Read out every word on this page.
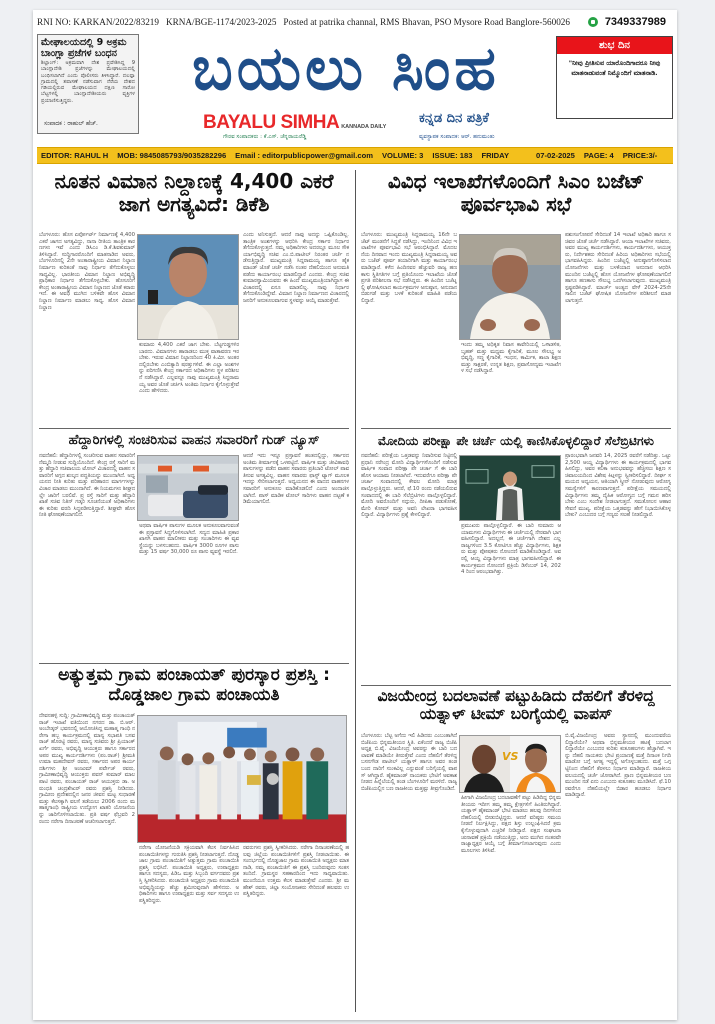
RNI NO: KARKAN/2022/83219 KRNA/BGE-1174/2023-2025 Posted at patrika channal, RMS Bhavan, PSO Mysore Road Banglore-560026	7349337989
ಮೇಘಾಲಯದಲ್ಲಿ 9 ಅಕ್ರಮ ಬಾಂಗ್ಲಾ ಪ್ರಜೆಗಳ ಬಂಧನ

ಶಿಲ್ಲಾಂಗ್: ಅಕ್ರಮವಾಗಿ ದೇಶ ಪ್ರವೇಶಿಸಿದ್ದ 9 ಬಾಂಗ್ಲಾದೇಶಿ ಪ್ರಜೆಗಳನ್ನು ಮೇಘಾಲಯದಲ್ಲಿ ಬಂಧಿಸಲಾಗಿದೆ ಎಂದು ಪೊಲೀಸರು ತಿಳಿಸಿದ್ದಾರೆ. ದಲಪ್ಪಾ ಗ್ರಾಮದಲ್ಲಿ ತಪಾಸಣೆ ನಡೆಸುವಾಗ ನೆರೆಯ ದೇಶದ ಗಡಿಯಲ್ಲಿರುವ ಮೇಘಾಲಯದ ದಕ್ಷಿಣ ಗಾರೋ ಬೆಟ್ಟಗಳಲ್ಲಿ ಬಾಂಗ್ಲಾದೇಶೀಯರು ವ್ಯಕ್ತಿಗಳ ಪ್ರಯಾಣಿಸುತ್ತಿದ್ದರು.	ಬಯಲು ಸಿಂಹ
ಸಂಪಾದಕ : ರಾಹುಲ್ ಹೆಚ್.	BAYALU SIMHA KANNADA DAILY
ಕನ್ನಡ ದಿನ ಪತ್ರಿಕೆ
ಗೌರವ ಸಂಪಾದಕರು : ಕೆ.ಎಸ್. ಚೆನ್ನರಾಯರೆಡ್ಡಿ	ವ್ಯವಸ್ಥಾಪಕ ಸಂಪಾದಕ: ಆರ್. ಹನುಮಂತು
ಶುಭ ದಿನ
"ನೀವು ಪ್ರೀತಿಸುವ ಯಾರೊಂದಿಗಾದರೂ ನೀವು ಮಾತನಾಡುವಂತೆ ನಿಮ್ಮೊಂದಿಗೆ ಮಾತನಾಡಿ.
EDITOR: RAHUL H MOB: 9845085793/9035282296 Email : editorpublicpower@gmail.com VOLUME: 3 ISSUE: 183 FRIDAY	07-02-2025 PAGE: 4 PRICE:3/-
ನೂತನ ವಿಮಾನ ನಿಲ್ದಾಣಕ್ಕೆ 4,400 ಎಕರೆ ಜಾಗ ಅಗತ್ಯವಿದೆ: ಡಿಕೆಶಿ
ಬೆಂಗಳೂರು: ಹೊಸ ಏರ್ಪೋರ್ಟ್ ನಿರ್ಮಾಣಕ್ಕೆ 4,400 ಎಕರೆ ಜಾಗದ ಅಗತ್ಯವಿದ್ದು, ನಾನಾ ರೀತಿಯ ತಾಂತ್ರಿಕ ಕಾರಣಗಳು ಇವೆ ಎಂದು ಡಿಸಿಎಂ ಡಿ.ಕೆ.ಶಿವಕುಮಾರ್ ತಿಳಿಸಿದ್ದಾರೆ. ಸುದ್ದಿಗಾರರೊಂದಿಗೆ ಮಾತನಾಡಿದ ಅವರು, ಬೆಂಗಳೂರಿನಲ್ಲಿ 2ನೇ ಅಂತಾರಾಷ್ಟ್ರೀಯ ವಿಮಾನ ನಿಲ್ದಾಣ ನಿರ್ಮಾಣ ಕುರಿತಂತೆ ನಾವು ನಿರ್ಧಾರ ತೆಗೆದುಕೊಳ್ಳಲು ಸಾಧ್ಯವಿಲ್ಲ. ಭಾರತೀಯ ವಿಮಾನ ನಿಲ್ದಾಣ ಅಭಿವೃದ್ಧಿ ಪ್ರಾಧಿಕಾರ ನಿರ್ಧಾರ ತೆಗೆದುಕೊಳ್ಳಬೇಕು. ಹೊಸೂರಿಗೆ ಕೇಂದ್ರ ಅಂತಾರಾಷ್ಟ್ರೀಯ ವಿಮಾನ ನಿಲ್ದಾಣದ ಜೊತೆ ಕರಾರು ಇದೆ. ಈ ಅವಧಿ ಮುಗಿದ ಬಳಿಕವೇ ಹೊಸ ವಿಮಾನ ನಿಲ್ದಾಣ ನಿರ್ಮಾಣ ಮಾಡಲು ಸಾಧ್ಯ. ಹೊಸ ವಿಮಾನ ನಿಲ್ದಾಣ
ಕುಮಾರು 4,400 ಎಕರೆ ಜಾಗ ಬೇಕು. ಬೆಟ್ಟಗುಡ್ಡಗಳಿರಬಾರದು. ವಿಮಾನಗಳು ಹಾರಾಡಲು ಮುಕ್ತ ವಾತಾವರಣ ಇರಬೇಕು. ಇರುವ ವಿಮಾನ ನಿಲ್ದಾಣದಿಂದ 40 ಕಿ.ಮೀ. ಅಂತರದಲ್ಲಿರಬೇಕು ಎಂಬಿತ್ಯಾದಿ ಷರತ್ತುಗಳಿವೆ. ಈ ಎಲ್ಲಾ ಅಂಶಗಳನ್ನು ಪರಿಗಣಿಸಿ ಕೇಂದ್ರ ಸರ್ಕಾರದ ಅಧಿಕಾರಿಗಳು ಸ್ಥಳ ಪರಿಶೀಲನೆ ನಡೆಸಿದ್ದಾರೆ. ಎಲ್ಲವನ್ನೂ ನಾವು ಮುಖ್ಯಮಂತ್ರಿ ಸಿದ್ದರಾಮಯ್ಯ ಅವರ ಜೊತೆ ಚರ್ಚಿಸಿ ಅಂತಿಮ ನಿರ್ಧಾರ ಕೈಗೊಳ್ಳುತ್ತೇವೆ ಎಂದು ಹೇಳಿದರು.
ಎಂದು ಅನಿಸುತ್ತದೆ. ಆದರೆ ನಾವು ಅದನ್ನು ಒಪ್ಪಿಕೊಂಡಿಲ್ಲ. ತಾಂತ್ರಿಕ ಅಂಶಗಳನ್ನು ಆಧರಿಸಿ ಕೇಂದ್ರ ಸರ್ಕಾರ ನಿರ್ಧಾರ ತೆಗೆದುಕೊಳ್ಳುತ್ತದೆ. ನಮ್ಮ ಅಧಿಕಾರಿಗಳು ಅದರಲ್ಲೂ ಮೂಲ ಸೌಕರ್ಯಾಭಿವೃದ್ಧಿ ಸಚಿವ ಎಂ.ಬಿ.ಪಾಟೀಲ್ ನಿರಂತರ ಚರ್ಚೆ ನಡೆಸುತ್ತಿದ್ದಾರೆ. ಮುಖ್ಯಮಂತ್ರಿ ಸಿದ್ದರಾಮಯ್ಯ ಹಾಗೂ ಹೈಕಮಾಂಡ್ ಜೊತೆ ಚರ್ಚೆ ನಡೆಸಿ ನಂತರ ದೆಹಲಿಯಿಂದ ಅನುಮತಿ ಪಡೆದು ಕಾರ್ಯಾರಂಭ ಮಾಡಲಿದ್ದಾರೆ ಎಂದರು. ಕೇಂದ್ರ ಸಚಿವ ಕುಮಾರಸ್ವಾಮಿಯವರು ಈ ಹಿಂದೆ ಮುಖ್ಯಮಂತ್ರಿಯಾಗಿದ್ದಾಗ ಈ ವಿಚಾರದಲ್ಲಿ ಏನೂ ಮಾಡಲಿಲ್ಲ. ನಾವು ನಿರ್ಧಾರ ತೆಗೆದುಕೊಂಡಿದ್ದೇವೆ. ವಿಮಾನ ನಿಲ್ದಾಣ ನಿರ್ಮಾಣದ ವಿಚಾರದಲ್ಲಿ ಜನರಿಗೆ ಅನುಕೂಲವಾಗುವ ಸ್ಥಳವನ್ನು ಆಯ್ಕೆ ಮಾಡುತ್ತೇವೆ.
ವಿವಿಧ ಇಲಾಖೆಗಳೊಂದಿಗೆ ಸಿಎಂ ಬಜೆಟ್ ಪೂರ್ವಭಾವಿ ಸಭೆ
ಬೆಂಗಳೂರು: ಮುಖ್ಯಮಂತ್ರಿ ಸಿದ್ದರಾಮಯ್ಯ 16ನೇ ಬಜೆಟ್ ಮಂಡನೆಗೆ ಸಿದ್ಧತೆ ನಡೆಸಿದ್ದು, ಇಂದಿನಿಂದ ವಿವಿಧ ಇಲಾಖೆಗಳ ಪೂರ್ವಭಾವಿ ಸಭೆ ಆರಂಭಿಸಿದ್ದಾರೆ. ಮೊದಲನೆಯ ದಿನವಾದ ಇಂದು ಮುಖ್ಯಮಂತ್ರಿ ಸಿದ್ದರಾಮಯ್ಯ ಅವರು ಬಜೆಟ್ ಪೂರ್ವ ತಯಾರಿಗಾಗಿ ಮತ್ತು ಕಾರ್ಯಾರಂಭ ಮಾಡಿದ್ದಾರೆ. ಕಳೆದ ಹಿಂದಿನವರ ಹೆಚ್ಚುವರಿ ರಾಜ್ಯ ಹಣಕಾಸು ಸ್ಥಿತಿಗತಿಗಳ ಬಗ್ಗೆ ಪ್ರತಿಯೊಂದು ಇಲಾಖೆಯ ಜೊತೆ ಪ್ರಗತಿ ಪರಿಶೀಲನಾ ಸಭೆ ನಡೆಸಿದ್ದರು. ಈ ಹಿಂದಿನ ಬಜೆಟ್ನಲ್ಲಿ ಘೋಷಿಸಲಾದ ಕಾರ್ಯಕ್ರಮಗಳ ಅನುಷ್ಠಾನ, ಅನುದಾನ ಬಿಡುಗಡೆ ಮತ್ತು ಬಳಕೆ ಕುರಿತಂತೆ ಮಾಹಿತಿ ಪಡೆಯಲಿದ್ದಾರೆ.
ಇಂದು ತಮ್ಮ ಅಧಿಕೃತ ನಿವಾಸ ಕಾವೇರಿಯಲ್ಲಿ ಒಳಾಡಳಿತ, ಬೃಹತ್ ಮತ್ತು ಮಧ್ಯಮ ಕೈಗಾರಿಕೆ, ಮೂಲ ಸೌಲಭ್ಯ ಅಭಿವೃದ್ಧಿ, ಸಣ್ಣ ಕೈಗಾರಿಕೆ, ಇಂಧನ, ಕಾರ್ಮಿಕ, ಶಾಲಾ ಶಿಕ್ಷಣ ಮತ್ತು ಸಾಕ್ಷರತೆ, ಉನ್ನತ ಶಿಕ್ಷಣ, ಪ್ರವಾಸೋದ್ಯಮ ಇಲಾಖೆಗಳ ಸಭೆ ನಡೆಸಿದ್ದಾರೆ.
ಪಶುಸಂಗೋಪನೆ ಸೇರಿದಂತೆ 14 ಇಲಾಖೆ ಅಧಿಕಾರಿ ಹಾಗೂ ಸಚಿವರ ಜೊತೆ ಚರ್ಚೆ ನಡೆಸಿದ್ದಾರೆ. ಆಯಾ ಇಲಾಖೆಗಳ ಸಚಿವರು, ಅವರ ಮುಖ್ಯ ಕಾರ್ಯದರ್ಶಿಗಳು, ಕಾರ್ಯದರ್ಶಿಗಳು, ಆಯುಕ್ತರು, ನಿರ್ದೇಶಕರು ಸೇರಿದಂತೆ ಹಿರಿಯ ಅಧಿಕಾರಿಗಳು ಸಭೆಯಲ್ಲಿ ಭಾಗವಹಿಸಿದ್ದರು. ಹಿಂದಿನ ಬಜೆಟ್ನಲ್ಲಿ ಅನುಷ್ಠಾನಗೊಳಿಸಲಾದ ಯೋಜನೆಗಳು ಮತ್ತು ಬಳಕೆಯಾದ ಅನುದಾನ ಆಧರಿಸಿ ಮುಂದಿನ ಬಜೆಟ್ನಲ್ಲಿ ಹೊಸ ಯೋಜನೆಗಳ ಘೋಷಣೆಯಾಗಲಿದೆ ಹಾಗೂ ಹಣಕಾಸು ಸೌಲಭ್ಯ ಒದಗಿಸಲಾಗುವುದು. ಮುಖ್ಯಮಂತ್ರಿ ಸ್ಪಷ್ಟಪಡಿಸಿದ್ದಾರೆ. ಮಾರ್ಚ್ ಅಂತ್ಯದ ವೇಳೆ 2024-25ನೇ ಸಾಲಿನ ಬಜೆಟ್ ಘೋಷಿತ ಯೋಜನೆಗಳ ಪರಿಶೀಲನೆ ಮಾಡಲಾಗುತ್ತದೆ.
ಹೆದ್ದಾರಿಗಳಲ್ಲಿ ಸಂಚರಿಸುವ ವಾಹನ ಸವಾರರಿಗೆ ಗುಡ್ ನ್ಯೂಸ್
ನವದೆಹಲಿ: ಹೆದ್ದಾರಿಗಳಲ್ಲಿ ಸಂಚರಿಸುವ ವಾಹನ ಸವಾರರಿಗೆ ನೆಮ್ಮದಿ ನೀಡುವ ಸುದ್ದಿಯೊಂದಿದೆ. ಕೇಂದ್ರ ರಸ್ತೆ ಸಾರಿಗೆ ಮತ್ತು ಹೆದ್ದಾರಿ ಸಚಿವಾಲಯ ಟೋಲ್ ವಿಚಾರದಲ್ಲಿ ವಾಹನ ಸವಾರರಿಗೆ ಅಗ್ಗದ ಶುಲ್ಕದ ಪದ್ಧತಿಯನ್ನು ಮುಂದಾಗಿದೆ. ಅಧ್ಯಯನದ ನೀತಿ ಕುರಿತು ಮತ್ತು ಪರಿಹಾರದ ಮಾರ್ಗಗಳನ್ನು ವಿಚಾರ ಮಾಡಲು ಮುಂದಾಗಿದೆ. ಈ ನಿಯಮಗಳು ಶೀಘ್ರದಲ್ಲೇ ಜಾರಿಗೆ ಬರಲಿವೆ. ಪ್ರ ರಸ್ತೆ ಸಾರಿಗೆ ಮತ್ತು ಹೆದ್ದಾರಿ ಖಾತೆ ಸಚಿವ ನಿತಿನ್ ಗಡ್ಕರಿ ಸೂಚನೆಯಂತೆ ಅಧಿಕಾರಿಗಳು ಈ ಕುರಿತು ವರದಿ ಸಿದ್ಧಪಡಿಸುತ್ತಿದ್ದಾರೆ. ಶೀಘ್ರವೇ ಹೊಸ ನೀತಿ ಘೋಷಣೆಯಾಗಲಿದೆ.
ಅಥವಾ ವಾರ್ಷಿಕ ಪಾಸುಗಳ ಮೂಲಕ ಅನುಕೂಲವಾಗುವಂತೆ ಈ ಪ್ರಸ್ತಾವನೆ ಸಿದ್ಧಗೊಳಿಸಲಾಗಿದೆ. ಸದ್ಯದ ಮಾಹಿತಿ ಪ್ರಕಾರ ಖಾಸಗಿ ವಾಹನ ಮಾಲೀಕರು ಮತ್ತು ಸಂಚಾರಿಗಳು ಈ ವ್ಯವಸ್ಥೆಯನ್ನು ಬಳಸಬಹುದು. ವಾರ್ಷಿಕ 3000 ರೂಗಳ ಪಾಸು ಮತ್ತು 15 ವರ್ಷ 30,000 ರೂ ಪಾಸು ವ್ಯವಸ್ಥೆ ಇರಲಿದೆ.
ಆದರೆ ಇದು ಇನ್ನೂ ಪ್ರಸ್ತಾವನೆ ಹಂತದಲ್ಲಿದ್ದು, ಸರ್ಕಾರದ ಅಂತಿಮ ತೀರ್ಮಾನಕ್ಕೆ ಒಳಪಟ್ಟಿದೆ. ವಾರ್ಷಿಕ ಮತ್ತು ಜೀವಿತಾವಧಿ ಪಾಸುಗಳನ್ನು ಪಡೆದ ವಾಹನ ಸವಾರರು ಪ್ರತಿಬಾರಿ ಟೋಲ್ ಪಾವತಿಸುವ ಅಗತ್ಯವಿಲ್ಲ. ವಾಹನ ಸವಾರರು ಫಾಸ್ಟ್ ಟ್ಯಾಗ್ ಮೂಲಕ ಇದನ್ನು ಸೇರಿಸಲಾಗುತ್ತದೆ. ಅಧ್ಯಯನದ ಈ ವಾದದ ವಾಹನಗಳ ಸವಾರರಿಗೆ ಅನುಕೂಲ ಮಾಡಿಕೊಡಲಿದೆ ಎಂದು ಅಂದಾಜಿಸಲಾಗಿದೆ. ಪಾಸ್ ಮಾಡಿಕ ಟೋಲ್ ಸಾರಿಗಳು ವಾಹನ ದಟ್ಟಣೆ ಕಡಿಮೆಯಾಗಲಿದೆ.
ಮೋದಿಯ ಪರೀಕ್ಷಾ ಪೇ ಚರ್ಚೆ ಯಲ್ಲಿ ಕಾಣಿಸಿಕೊಳ್ಳಲಿದ್ದಾರೆ ಸೆಲೆಬ್ರಿಟಿಗಳು
ನವದೆಹಲಿ: ಪರೀಕ್ಷೆಯ ಒತ್ತಡವನ್ನು ನಿವಾರಿಸುವ ನಿಟ್ಟಿನಲ್ಲಿ ಪ್ರಧಾನಿ ನರೇಂದ್ರ ಮೋದಿ ವಿದ್ಯಾರ್ಥಿಗಳೊಂದಿಗೆ ನಡೆಸುವ ವಾರ್ಷಿಕ ಸಂವಾದ ಪರೀಕ್ಷಾ ಪೇ ಚರ್ಚಾ ಗೆ ಈ ಬಾರಿ ಹೊಸ ಆಯಾಮ ನೀಡಲಾಗಿದೆ. ಇದುವರೆಗೂ ಪರೀಕ್ಷಾ ಪೇ ಚರ್ಚಾ ಸಂವಾದದಲ್ಲಿ ಕೇವಲ ಮೋದಿ ಮಾತ್ರ ಪಾಲ್ಗೊಳ್ಳುತ್ತಿದ್ದರು. ಆದರೆ, ಫೆ.10 ರಂದು ನಡೆಯಲಿರುವ ಸಂವಾದದಲ್ಲಿ ಈ ಬಾರಿ ಸೆಲೆಬ್ರಿಟಿಗಳು ಪಾಲ್ಗೊಳ್ಳಲಿದ್ದಾರೆ. ಮೋದಿ ಅವರೊಂದಿಗೆ ಸದ್ಗುರು, ದೀಪಿಕಾ ಪಡುಕೋಣೆ, ಮೇರಿ ಕೋಮ್ ಮತ್ತು ಅವನಿ ಲೇಖರಾ ಭಾಗವಹಿಸಲಿದ್ದಾರೆ. ವಿದ್ಯಾರ್ಥಿಗಳು ಪ್ರಶ್ನೆ ಕೇಳಲಿದ್ದಾರೆ.
ಪ್ರಮುಖರು ಪಾಲ್ಗೊಳ್ಳಲಿದ್ದಾರೆ. ಈ ಬಾರಿ ಸುಮಾರು ಆಯಾಮಗಳು ವಿದ್ಯಾರ್ಥಿಗಳು ಈ ಚರ್ಚೆಯಲ್ಲಿ ನೇರವಾಗಿ ಭಾಗವಹಿಸಲಿದ್ದಾರೆ. ಅದಲ್ಲದೆ, ಈ ಚರ್ಚೆಗಾಗಿ ದೇಶದ ಎಲ್ಲ ರಾಜ್ಯಗಳಿಂದ 3.5 ಕೋಟಿಗೂ ಹೆಚ್ಚು ವಿದ್ಯಾರ್ಥಿಗಳು, ಶಿಕ್ಷಕರು ಮತ್ತು ಪೋಷಕರು ನೋಂದಣಿ ಮಾಡಿಕೊಂಡಿದ್ದಾರೆ. ಅವರಲ್ಲಿ ಆಯ್ದ ವಿದ್ಯಾರ್ಥಿಗಳು ಮಾತ್ರ ಭಾಗವಹಿಸಲಿದ್ದಾರೆ. ಈ ಕಾರ್ಯಕ್ರಮದ ನೋಂದಣಿ ಪ್ರಕ್ರಿಯೆ ಡಿಸೆಂಬರ್ 14, 2024 ರಿಂದ ಆರಂಭವಾಗಿತ್ತು.
ಪ್ರಾರಂಭವಾಗಿ ಜನವರಿ 14, 2025 ರವರೆಗೆ ನಡೆದಿತ್ತು. ಒಟ್ಟು 2,500 ಆಯ್ದ ವಿದ್ಯಾರ್ಥಿಗಳು ಈ ಕಾರ್ಯಕ್ರಮದಲ್ಲಿ ಭಾಗವಹಿಸಲಿದ್ದು, ಅವರ ಕಲಿಕಾ ಅನುಭವವನ್ನು ಹೆಚ್ಚಿಸಲು ಶಿಕ್ಷಣ ಸಚಿವಾಲಯದಿಂದ ವಿಶೇಷ ಕಿಟ್ಗಳನ್ನು ಸ್ವೀಕರಿಸಲಿದ್ದಾರೆ. ದೀರ್ಘ ಸಮಯದ ಅಧ್ಯಯನ, ಆತಿಯಾಗಿ ಸ್ಕ್ರೀನ್ ನೋಡುವುದು ಆರೋಗ್ಯ ಸಮಸ್ಯೆಗಳಿಗೆ ಕಾರಣವಾಗುತ್ತದೆ. ಪರೀಕ್ಷೆಯ ಸಮಯದಲ್ಲಿ ವಿದ್ಯಾರ್ಥಿಗಳು ತಮ್ಮ ದೈಹಿಕ ಆರೋಗ್ಯದ ಬಗ್ಗೆ ಗಮನ ಹರಿಸಬೇಕು ಎಂಬ ಸಂದೇಶ ನೀಡಲಾಗುತ್ತದೆ. ಸಮತೋಲನ ಆಹಾರ ಸೇವನೆ ಮುಖ್ಯ. ಪರೀಕ್ಷೆಯ ಒತ್ತಡವನ್ನು ಹೇಗೆ ನಿಭಾಯಿಸಿಕೊಳ್ಳಬೇಕು? ಎಂಬುದರ ಬಗ್ಗೆ ಗಣ್ಯರು ಸಲಹೆ ನೀಡಲಿದ್ದಾರೆ.
ಅತ್ಯುತ್ತಮ ಗ್ರಾಮ ಪಂಚಾಯತ್ ಪುರಸ್ಕಾರ ಪ್ರಶಸ್ತಿ : ದೊಡ್ಡಜಾಲ ಗ್ರಾಮ ಪಂಚಾಯತಿ
ದೇವನಹಳ್ಳಿ ಸುದ್ದಿ: ಗ್ರಾಮೀಣಾಭಿವೃದ್ಧಿ ಮತ್ತು ಪಂಚಾಯತ್ ರಾಜ್ ಇಲಾಖೆ ವತಿಯಿಂದ ನಗರದ ಡಾ. ಬಿ.ಆರ್. ಅಂಬೇಡ್ಕರ್ ಭವನದಲ್ಲಿ ಆಯೋಜಿಸಿದ್ದ ಮಹಾತ್ಮ ಗಾಂಧಿ ನರೇಗಾ ಹಬ್ಬ ಕಾರ್ಯಕ್ರಮದಲ್ಲಿ ಮಾನ್ಯ ಸಭಾಪತಿ ಬಸವರಾಜ್ ಹೊರಟ್ಟಿ ರವರು, ಮಾನ್ಯ ಸಚಿವರು ಶ್ರೀ ಪ್ರಿಯಾಂಕ್ ಖರ್ಗೆ ರವರು, ಅಭಿವೃದ್ಧಿ ಆಯುಕ್ತರು ಹಾಗೂ ಸರ್ಕಾರದ ಅಪರ ಮುಖ್ಯ ಕಾರ್ಯದರ್ಶಿಗಳು (ಪಂ.ರಾಜ್) ಶ್ರೀಮತಿ ಉಮಾ ಮಹದೇವನ್ ರವರು, ಸರ್ಕಾರದ ಅಪರ ಕಾರ್ಯದರ್ಶಿಗಳು ಶ್ರೀ ಅಂಜುಮ್ ಪರ್ವೇಜ್ ರವರು, ಗ್ರಾಮೀಣಾಭಿವೃದ್ಧಿ ಆಯುಕ್ತರು ಪವನ್ ಕುಮಾರ್ ಮಾಲಪಾಟಿ ರವರು, ಪಂಚಾಯತ್ ರಾಜ್ ಆಯುಕ್ತರು ಡಾ. ಅರುಂಧತಿ ಚಂದ್ರಶೇಖರ್ ರವರು ಪ್ರಶಸ್ತಿ ನೀಡಿದರು. ಗ್ರಾಮೀಣ ಪ್ರದೇಶದಲ್ಲಿನ ಜನರ ಜೀವನ ಮಟ್ಟ ಸುಧಾರಣೆ ಮತ್ತು ಕೆಲಸಕ್ಕಾಗಿ ವಲಸೆ ತಡೆಯಲು 2006 ರಂದು ಮಹಾತ್ಮಗಾಂಧಿ ರಾಷ್ಟ್ರೀಯ ಉದ್ಯೋಗ ಖಾತರಿ ಯೋಜನೆಯನ್ನು ಜಾರಿಗೊಳಿಸಲಾಯಿತು. ಪ್ರತಿ ವರ್ಷ ಫೆಬ್ರವರಿ 2 ರಂದು ನರೇಗಾ ದಿನಾಚರಣೆ ಆಚರಿಸಲಾಗುತ್ತದೆ.
ನರೇಗಾ ಯೋಜನೆಯಡಿ ಸಕ್ರಿಯವಾಗಿ ಕೆಲಸ ನಿರ್ವಹಿಸಿದ ಪಂಚಾಯಿತಿಗಳನ್ನು ಗುರುತಿಸಿ ಪ್ರಶಸ್ತಿ ನೀಡಲಾಗುತ್ತದೆ. ದೊಡ್ಡಜಾಲ ಗ್ರಾಮ ಪಂಚಾಯಿತಿಗೆ ಅತ್ಯುತ್ತಮ ಗ್ರಾಮ ಪಂಚಾಯಿತಿ ಪ್ರಶಸ್ತಿ ಲಭಿಸಿದೆ. ಪಂಚಾಯಿತಿ ಅಧ್ಯಕ್ಷರು, ಉಪಾಧ್ಯಕ್ಷರು ಹಾಗೂ ಸದಸ್ಯರು, ಪಿಡಿಒ ಮತ್ತು ಸಿಬ್ಬಂದಿ ವರ್ಗದವರು ಪ್ರಶಸ್ತಿ ಸ್ವೀಕರಿಸಿದರು. ಪಂಚಾಯಿತಿ ಅಧ್ಯಕ್ಷರು ಗ್ರಾಮ ಪಂಚಾಯಿತಿ ಅಭಿವೃದ್ಧಿಯನ್ನು ಹೆಚ್ಚು ಶ್ರಮಿಸುವುದಾಗಿ ಹೇಳಿದರು. ಅಧಿಕಾರಿಗಳು ಹಾಗೂ ಉಪಾಧ್ಯಕ್ಷರು ಮತ್ತು ಸರ್ವ ಸದಸ್ಯರು ಉಪಸ್ಥಿತರಿದ್ದರು.
ರವರುಗಳು ಪ್ರಶಸ್ತಿ ಸ್ವೀಕರಿಸಿದರು. ನರೇಗಾ ದಿನಾಚರಣೆಯಲ್ಲಿ ಹಲವು ಜಿಲ್ಲೆಯ ಪಂಚಾಯಿತಿಗಳಿಗೆ ಪ್ರಶಸ್ತಿ ನೀಡಲಾಯಿತು. ಈ ಸಂದರ್ಭದಲ್ಲಿ ದೊಡ್ಡಜಾಲ ಗ್ರಾಮ ಪಂಚಾಯಿತಿ ಅಧ್ಯಕ್ಷರು ಮಾತನಾಡಿ, ನಮ್ಮ ಪಂಚಾಯಿತಿಗೆ ಈ ಪ್ರಶಸ್ತಿ ಬಂದಿರುವುದು ಸಂತಸ ತಂದಿದೆ. ಗ್ರಾಮಸ್ಥರ ಸಹಕಾರದಿಂದ ಇದು ಸಾಧ್ಯವಾಯಿತು. ಮುಂದೆಯೂ ಉತ್ತಮ ಕೆಲಸ ಮಾಡುತ್ತೇವೆ ಎಂದರು. ಶ್ರೀ ಮಹೇಶ್ ರವರು, ಜಿಲ್ಲಾ ಸಂಯೋಜಕರು ಸೇರಿದಂತೆ ಹಲವರು ಉಪಸ್ಥಿತರಿದ್ದರು.
ವಿಜಯೇಂದ್ರ ಬದಲಾವಣೆ ಪಟ್ಟುಹಿಡಿದು ದೆಹಲಿಗೆ ತೆರಳಿದ್ದ ಯತ್ನಾಳ್ ಟೀಮ್ ಬರಿಗೈಯಲ್ಲಿ ವಾಪಸ್
ಬೆಂಗಳೂರು: ಬೆಟ್ಟ ಅಗೆದು ಇಲಿ ಹಿಡಿದರು ಎಂಬಂತಾಗಿದೆ ಬಿಜೆಪಿಯ ಭಿನ್ನಮತೀಯರ ಸ್ಥಿತಿ. ಏಕೆಂದರೆ ರಾಜ್ಯ ಬಿಜೆಪಿ ಅಧ್ಯಕ್ಷ ಬಿ.ವೈ. ವಿಜಯೇಂದ್ರ ಅವರನ್ನು ಈ ಬಾರಿ ಬದಲಾವಣೆ ಮಾಡಿಯೇ ತೀರುತ್ತೇವೆ ಎಂದು ದೆಹಲಿಗೆ ತೆರಳಿದ್ದ ಬಸನಗೌಡ ಪಾಟೀಲ್ ಯತ್ನಾಳ್ ಹಾಗೂ ಅವರ ತಂಡ ಬಂದ ದಾರಿಗೆ ಸುಂಕವಿಲ್ಲ ಎನ್ನುವಂತೆ ಬರಿಗೈಯಲ್ಲಿ ವಾಪಸ್ ಆಗಿದ್ದಾರೆ. ಹೈಕಮಾಂಡ್ ನಾಯಕರು ಭೇಟಿಗೆ ಅವಕಾಶ ನೀಡದ ಹಿನ್ನೆಲೆಯಲ್ಲಿ ತಂಡ ಬೆಂಗಳೂರಿಗೆ ಮರಳಿದೆ. ರಾಜ್ಯ ಬಿಜೆಪಿಯಲ್ಲಿನ ಬಣ ರಾಜಕೀಯ ಮತ್ತಷ್ಟು ತೀವ್ರಗೊಂಡಿದೆ.
ಹೀಗಾಗಿ ವಿಜಯೇಂದ್ರ ಬದಲಾವಣೆಗೆ ಪಟ್ಟು ಹಿಡಿದಿದ್ದ ಭಿನ್ನಮತೀಯರು ಇದೀಗ ತಮ್ಮ ತಮ್ಮ ಕ್ಷೇತ್ರಗಳಿಗೆ ಹಿಂತಿರುಗಿದ್ದಾರೆ. ಯತ್ನಾಳ್ ಹೈಕಮಾಂಡ್ ಭೇಟಿ ಮಾಡಲು ಹಲವು ದಿನಗಳಿಂದ ದೆಹಲಿಯಲ್ಲಿ ಬೀಡುಬಿಟ್ಟಿದ್ದರು. ಆದರೆ ವರಿಷ್ಠರು ಸಮಯ ನೀಡದೆ ನಿರ್ಲಕ್ಷಿಸಿದ್ದು, ಪಕ್ಷದ ಶಿಸ್ತು ಉಲ್ಲಂಘಿಸಿದರೆ ಕ್ರಮ ಕೈಗೊಳ್ಳುವುದಾಗಿ ಎಚ್ಚರಿಕೆ ನೀಡಿದ್ದಾರೆ. ಪಕ್ಷದ ಸಂಘಟನಾ ಚುನಾವಣೆ ಪ್ರಕ್ರಿಯೆ ನಡೆಯುತ್ತಿದ್ದು, ಅದು ಮುಗಿದ ನಂತರವೇ ರಾಜ್ಯಾಧ್ಯಕ್ಷರ ಆಯ್ಕೆ ಬಗ್ಗೆ ತೀರ್ಮಾನಿಸಲಾಗುವುದು ಎಂದು ಮೂಲಗಳು ತಿಳಿಸಿವೆ.
ಬಿ.ವೈ.ವಿಜಯೇಂದ್ರ ಅವರು ಸ್ಥಾನದಲ್ಲಿ ಮುಂದುವರೆಯಲಿದ್ದಾರೆಯೇ? ಅಥವಾ ಭಿನ್ನಮತೀಯರ ಹಟಕ್ಕೆ ಬದಲಾಗಲಿದ್ದಾರೆಯೇ ಎಂಬುದರ ಕುರಿತು ಕುತೂಹಲಗಳು ಹೆಚ್ಚಾಗಿವೆ. ಇನ್ನು ದೆಹಲಿ ನಾಯಕರು ಭೇಟಿ ಪ್ರಯಾಣಕ್ಕೆ ಮತ್ತೆ ದಿನಾಂಕ ನಿಗದಿ ಮಾಡೋ ಬಗ್ಗೆ ಅಗತ್ಯ ಇದ್ದಲ್ಲಿ ಅಗೊಳ್ಳಬಹುದು. ಮತ್ತೆ ಒಗ್ಗಟ್ಟಿನಿಂದ ದೆಹಲಿಗೆ ತೆರಳಲು ನಿರ್ಧಾರ ಮಾಡಿದ್ದಾರೆ. ರಾಜಕೀಯ ವಲಯದಲ್ಲಿ ಚರ್ಚೆ ಜೋರಾಗಿದೆ. ಪ್ರಾಣ ಭಿನ್ನಮತೀಯರ ಬಣ ಮುಂದಿನ ನಡೆ ಏನು ಎಂಬುದು ಕುತೂಹಲ ಮೂಡಿಸಿದೆ. ಫೆ.10ರವರೆಗೂ ದೆಹಲಿಯಲ್ಲೇ ಬಿಡಾರ ಹೂಡಲು ನಿರ್ಧಾರ ಮಾಡಿದ್ದಾರೆ.
VS
